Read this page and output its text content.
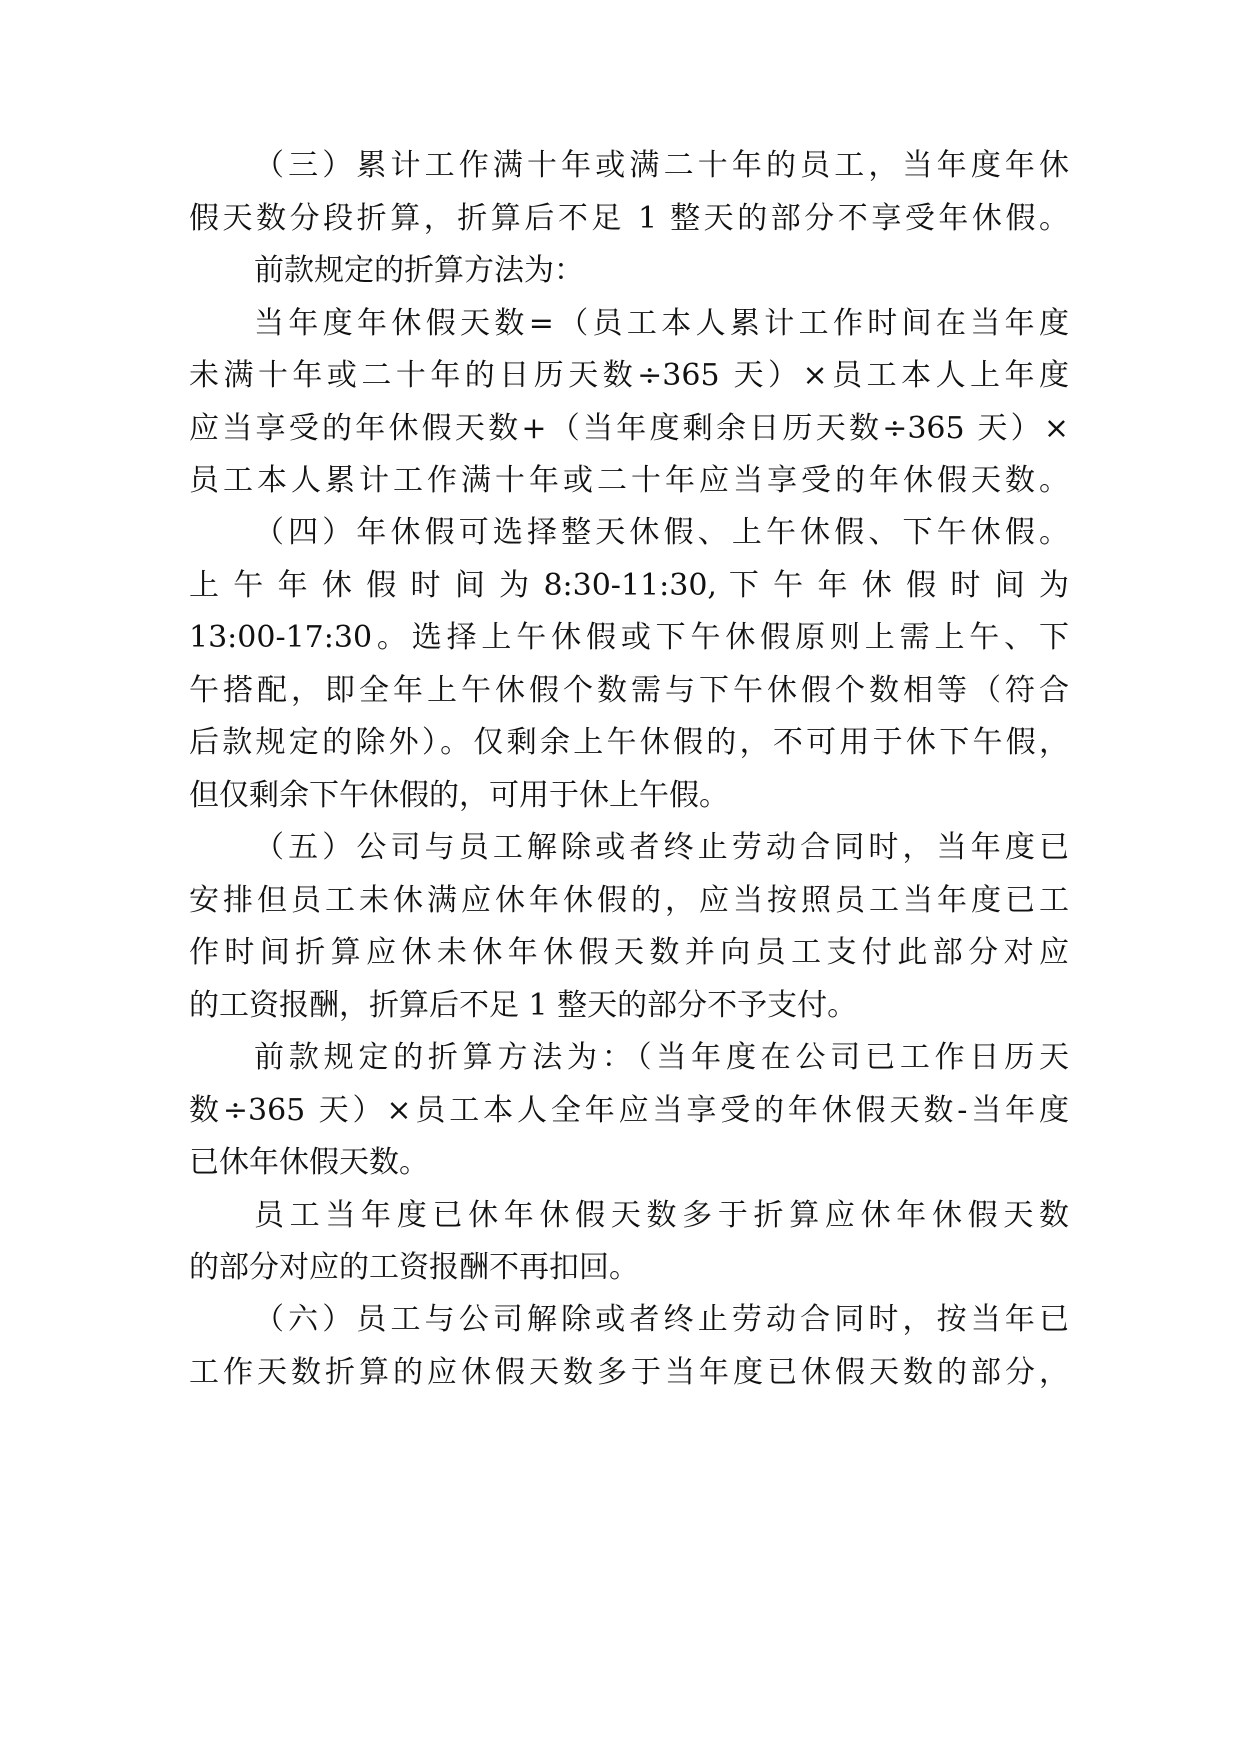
（三）累计工作满十年或满二十年的员工，当年度年休
假天数分段折算，折算后不足 1 整天的部分不享受年休假。
前款规定的折算方法为：
当年度年休假天数=（员工本人累计工作时间在当年度
未满十年或二十年的日历天数÷365 天）×员工本人上年度
应当享受的年休假天数+（当年度剩余日历天数÷365 天）×
员工本人累计工作满十年或二十年应当享受的年休假天数。
（四）年休假可选择整天休假、上午休假、下午休假。
上 午 年 休 假 时 间 为 8:30-11:30, 下 午 年 休 假 时 间 为
13:00-17:30。选择上午休假或下午休假原则上需上午、下
午搭配，即全年上午休假个数需与下午休假个数相等（符合
后款规定的除外）。仅剩余上午休假的，不可用于休下午假，
但仅剩余下午休假的，可用于休上午假。
（五）公司与员工解除或者终止劳动合同时，当年度已
安排但员工未休满应休年休假的，应当按照员工当年度已工
作时间折算应休未休年休假天数并向员工支付此部分对应
的工资报酬，折算后不足 1 整天的部分不予支付。
前款规定的折算方法为：（当年度在公司已工作日历天
数÷365 天）×员工本人全年应当享受的年休假天数-当年度
已休年休假天数。
员工当年度已休年休假天数多于折算应休年休假天数
的部分对应的工资报酬不再扣回。
（六）员工与公司解除或者终止劳动合同时，按当年已
工作天数折算的应休假天数多于当年度已休假天数的部分，
